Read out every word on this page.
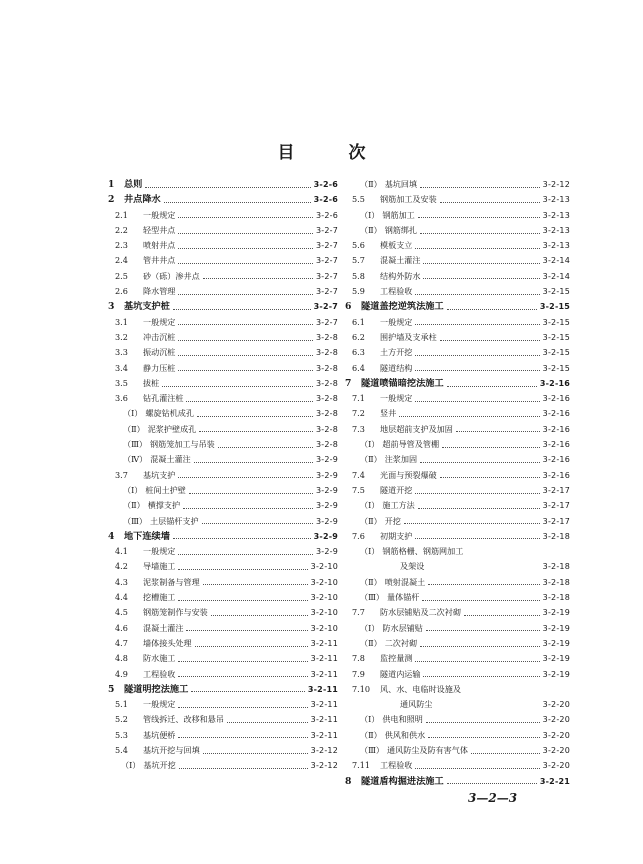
目	次
1	总则	3-2-6
2	井点降水	3-2-6
2.1	一般规定	3-2-6
2.2	轻型井点	3-2-7
2.3	喷射井点	3-2-7
2.4	管井井点	3-2-7
2.5	砂（砾）渗井点	3-2-7
2.6	降水管理	3-2-7
3	基坑支护桩	3-2-7
3.1	一般规定	3-2-7
3.2	冲击沉桩	3-2-8
3.3	振动沉桩	3-2-8
3.4	静力压桩	3-2-8
3.5	拔桩	3-2-8
3.6	钻孔灌注桩	3-2-8
（Ⅰ） 螺旋钻机成孔	3-2-8
（Ⅱ） 泥浆护壁成孔	3-2-8
（Ⅲ） 钢筋笼加工与吊装	3-2-8
（Ⅳ） 混凝土灌注	3-2-9
3.7	基坑支护	3-2-9
（Ⅰ） 桩间土护壁	3-2-9
（Ⅱ） 横撑支护	3-2-9
（Ⅲ） 土层锚杆支护	3-2-9
4	地下连续墙	3-2-9
4.1	一般规定	3-2-9
4.2	导墙施工	3-2-10
4.3	泥浆制备与管理	3-2-10
4.4	挖槽施工	3-2-10
4.5	钢筋笼制作与安装	3-2-10
4.6	混凝土灌注	3-2-10
4.7	墙体接头处理	3-2-11
4.8	防水施工	3-2-11
4.9	工程验收	3-2-11
5	隧道明挖法施工	3-2-11
5.1	一般规定	3-2-11
5.2	管线拆迁、改移和悬吊	3-2-11
5.3	基坑便桥	3-2-11
5.4	基坑开挖与回填	3-2-12
（Ⅰ） 基坑开挖	3-2-12
（Ⅱ） 基坑回填	3-2-12
5.5	钢筋加工及安装	3-2-13
（Ⅰ） 钢筋加工	3-2-13
（Ⅱ） 钢筋绑扎	3-2-13
5.6	模板支立	3-2-13
5.7	混凝土灌注	3-2-14
5.8	结构外防水	3-2-14
5.9	工程验收	3-2-15
6	隧道盖挖逆筑法施工	3-2-15
6.1	一般规定	3-2-15
6.2	围护墙及支承柱	3-2-15
6.3	土方开挖	3-2-15
6.4	隧道结构	3-2-15
7	隧道喷锚暗挖法施工	3-2-16
7.1	一般规定	3-2-16
7.2	竖井	3-2-16
7.3	地层超前支护及加固	3-2-16
（Ⅰ） 超前导管及管棚	3-2-16
（Ⅱ） 注浆加固	3-2-16
7.4	光面与预裂爆破	3-2-16
7.5	隧道开挖	3-2-17
（Ⅰ） 施工方法	3-2-17
（Ⅱ） 开挖	3-2-17
7.6	初期支护	3-2-18
（Ⅰ） 钢筋格栅、钢筋网加工
及架设	3-2-18
（Ⅱ） 喷射混凝土	3-2-18
（Ⅲ） 量体锚杆	3-2-18
7.7	防水层铺贴及二次衬砌	3-2-19
（Ⅰ） 防水层铺贴	3-2-19
（Ⅱ） 二次衬砌	3-2-19
7.8	监控量测	3-2-19
7.9	隧道内运输	3-2-19
7.10	风、水、电临时设施及
通风防尘	3-2-20
（Ⅰ） 供电和照明	3-2-20
（Ⅱ） 供风和供水	3-2-20
（Ⅲ） 通风防尘及防有害气体	3-2-20
7.11	工程验收	3-2-20
8	隧道盾构掘进法施工	3-2-21
3—2—3
